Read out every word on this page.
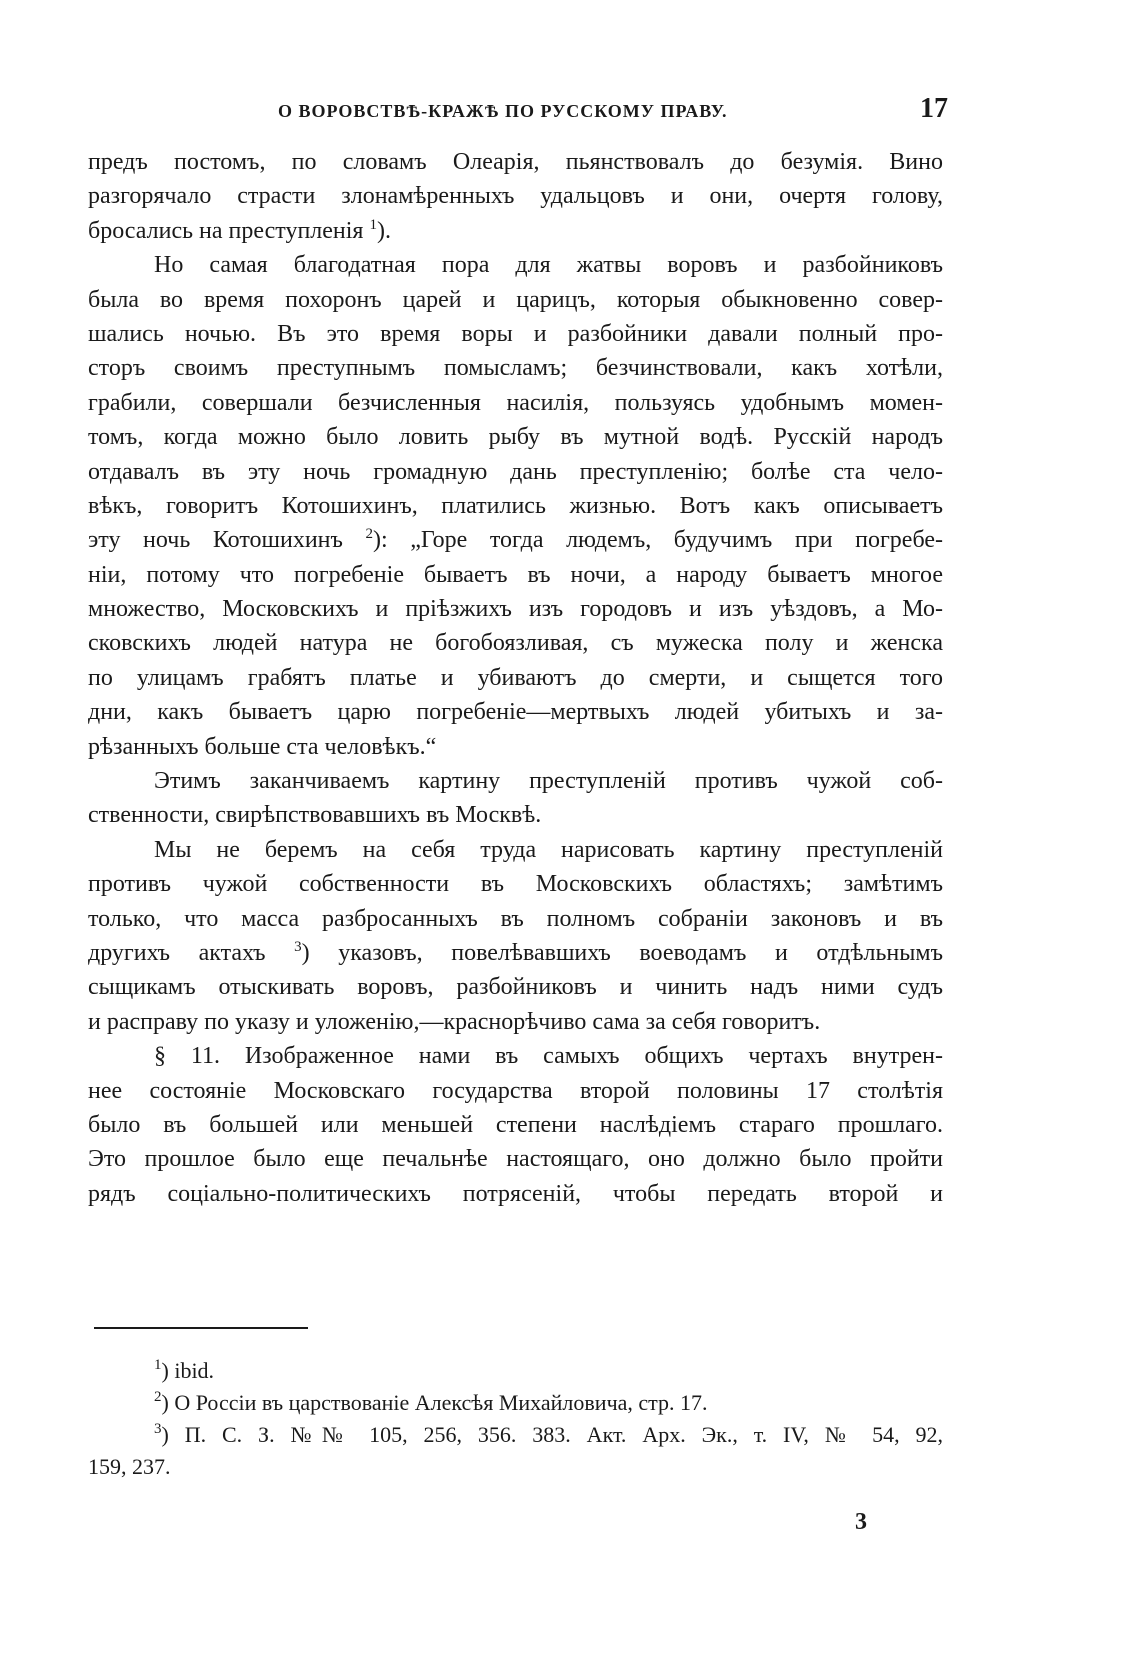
О ВОРОВСТВѢ-КРАЖѢ ПО РУССКОМУ ПРАВУ.	17
предъ постомъ, по словамъ Олеарія, пьянствовалъ до безумія. Вино
разгорячало страсти злонамѣренныхъ удальцовъ и они, очертя голову,
бросались на преступленія $^1$).
Но самая благодатная пора для жатвы воровъ и разбойниковъ
была во время похоронъ царей и царицъ, которыя обыкновенно совер-
шались ночью. Въ это время воры и разбойники давали полный про-
сторъ своимъ преступнымъ помысламъ; безчинствовали, какъ хотѣли,
грабили, совершали безчисленныя насилія, пользуясь удобнымъ момен-
томъ, когда можно было ловить рыбу въ мутной водѣ. Русскій народъ
отдавалъ въ эту ночь громадную дань преступленію; болѣе ста чело-
вѣкъ, говоритъ Котошихинъ, платились жизнью. Вотъ какъ описываетъ
эту ночь Котошихинъ $^2$): „Горе тогда людемъ, будучимъ при погребе-
ніи, потому что погребеніе бываетъ въ ночи, а народу бываетъ многое
множество, Московскихъ и пріѣзжихъ изъ городовъ и изъ уѣздовъ, а Мо-
сковскихъ людей натура не богобоязливая, съ мужеска полу и женска
по улицамъ грабятъ платье и убиваютъ до смерти, и сыщется того
дни, какъ бываетъ царю погребеніе—мертвыхъ людей убитыхъ и за-
рѣзанныхъ больше ста человѣкъ.“
Этимъ заканчиваемъ картину преступленій противъ чужой соб-
ственности, свирѣпствовавшихъ въ Москвѣ.
Мы не беремъ на себя труда нарисовать картину преступленій
противъ чужой собственности въ Московскихъ областяхъ; замѣтимъ
только, что масса разбросанныхъ въ полномъ собраніи законовъ и въ
другихъ актахъ $^3$) указовъ, повелѣвавшихъ воеводамъ и отдѣльнымъ
сыщикамъ отыскивать воровъ, разбойниковъ и чинить надъ ними судъ
и расправу по указу и уложенію,—краснорѣчиво сама за себя говоритъ.
§ 11. Изображенное нами въ самыхъ общихъ чертахъ внутрен-
нее состояніе Московскаго государства второй половины 17 столѣтія
было въ большей или меньшей степени наслѣдіемъ стараго прошлаго.
Это прошлое было еще печальнѣе настоящаго, оно должно было пройти
рядъ соціально-политическихъ потрясеній, чтобы передать второй и
$^1$) ibid.
$^2$) О Россіи въ царствованіе Алексѣя Михайловича, стр. 17.
$^3$) П. С. З. №№ 105, 256, 356. 383. Акт. Арх. Эк., т. IV, № 54, 92,
159, 237.
3
